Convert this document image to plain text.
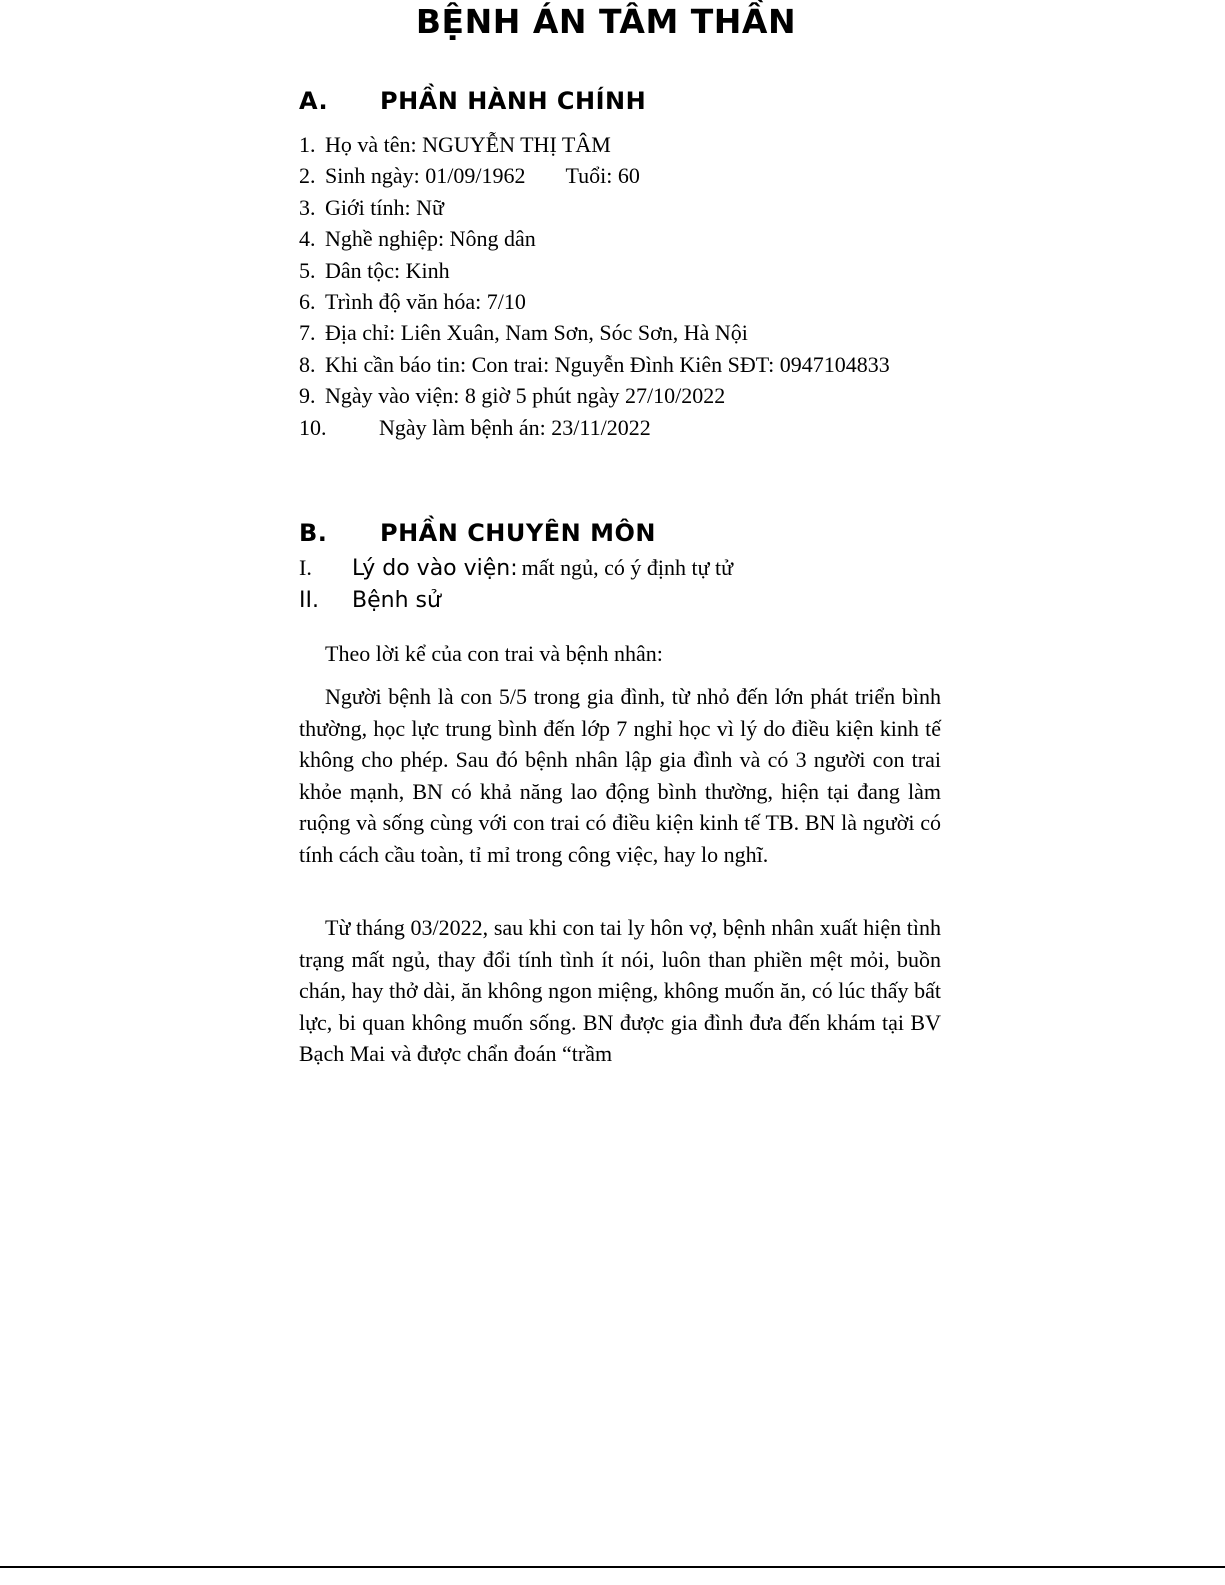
BỆNH ÁN TÂM THẦN
A. PHẦN HÀNH CHÍNH
1. Họ và tên: NGUYỄN THỊ TÂM
2. Sinh ngày: 01/09/1962 Tuổi: 60
3. Giới tính: Nữ
4. Nghề nghiệp: Nông dân
5. Dân tộc: Kinh
6. Trình độ văn hóa: 7/10
7. Địa chỉ: Liên Xuân, Nam Sơn, Sóc Sơn, Hà Nội
8. Khi cần báo tin: Con trai: Nguyễn Đình Kiên SĐT: 0947104833
9. Ngày vào viện: 8 giờ 5 phút ngày 27/10/2022
10.	Ngày làm bệnh án: 23/11/2022
B. PHẦN CHUYÊN MÔN
I. Lý do vào viện: mất ngủ, có ý định tự tử
II. Bệnh sử

Theo lời kể của con trai và bệnh nhân:

Người bệnh là con 5/5 trong gia đình, từ nhỏ đến lớn phát triển bình thường, học lực trung bình đến lớp 7 nghỉ học vì lý do điều kiện kinh tế không cho phép. Sau đó bệnh nhân lập gia đình và có 3 người con trai khỏe mạnh, BN có khả năng lao động bình thường, hiện tại đang làm ruộng và sống cùng với con trai có điều kiện kinh tế TB. BN là người có tính cách cầu toàn, tỉ mỉ trong công việc, hay lo nghĩ.

Từ tháng 03/2022, sau khi con tai ly hôn vợ, bệnh nhân xuất hiện tình trạng mất ngủ, thay đổi tính tình ít nói, luôn than phiền mệt mỏi, buồn chán, hay thở dài, ăn không ngon miệng, không muốn ăn, có lúc thấy bất lực, bi quan không muốn sống. BN được gia đình đưa đến khám tại BV Bạch Mai và được chẩn đoán “trầm
